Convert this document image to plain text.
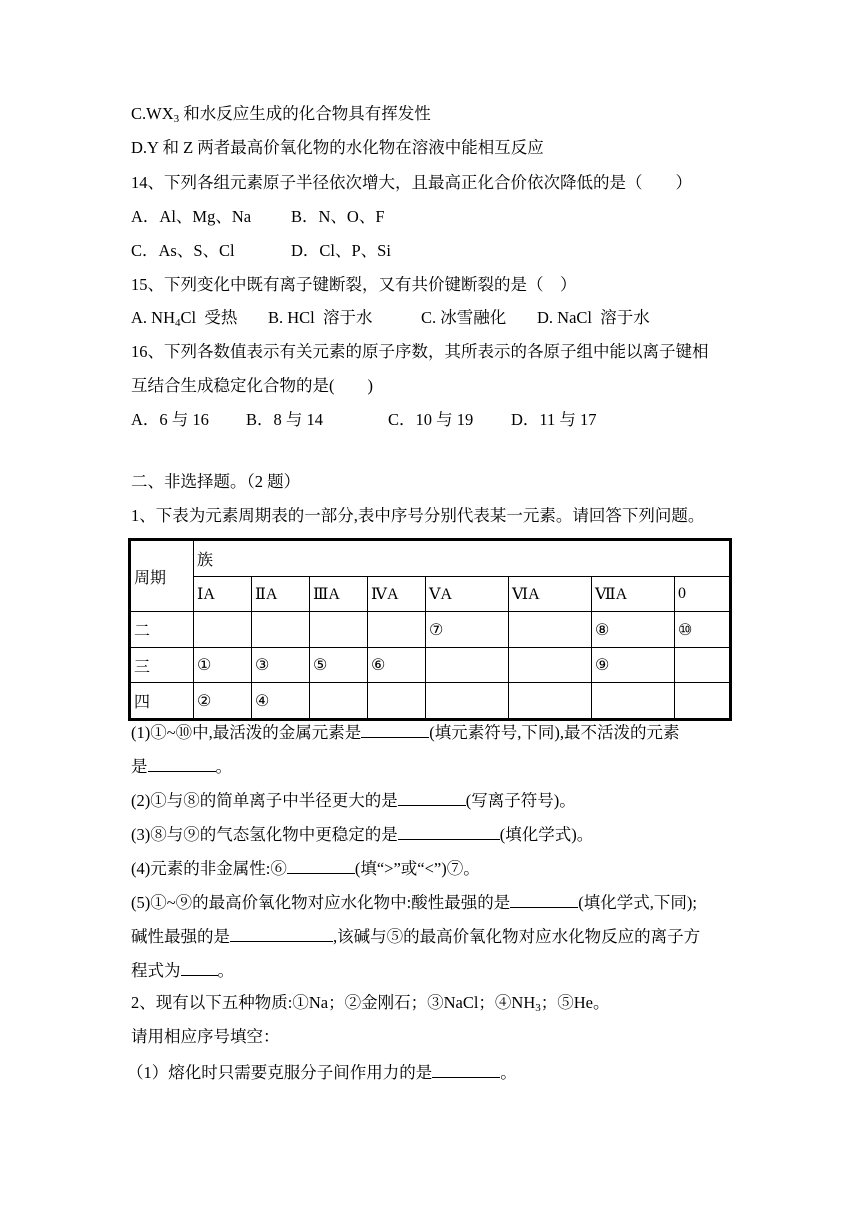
$C.WX_3$ 和水反应生成的化合物具有挥发性
D.Y 和 Z 两者最高价氧化物的水化物在溶液中能相互反应
14、下列各组元素原子半径依次增大，且最高正化合价依次降低的是（　　）
A．Al、Mg、Na B．N、O、F
C．As、S、Cl	D．Cl、P、Si
15、下列变化中既有离子键断裂，又有共价键断裂的是（　）
A. $NH_4Cl$  受热 B. HCl  溶于水	C. 冰雪融化 D. NaCl  溶于水
16、下列各数值表示有关元素的原子序数，其所表示的各原子组中能以离子键相
互结合生成稳定化合物的是(　　)
A．6 与 16 B．8 与 14	C．10 与 19 D．11 与 17
二、非选择题。（2 题）
1、下表为元素周期表的一部分,表中序号分别代表某一元素。请回答下列问题。
周期	族							
	ⅠA	ⅡA	ⅢA	ⅣA	ⅤA	ⅥA	ⅦA	0
二					⑦		⑧	⑩
三	①	③	⑤	⑥			⑨	
四	②	④						
(1)①~⑩中,最活泼的金属元素是	(填元素符号,下同),最不活泼的元素
是	。
(2)①与⑧的简单离子中半径更大的是	(写离子符号)。
(3)⑧与⑨的气态氢化物中更稳定的是	(填化学式)。
(4)元素的非金属性:⑥	(填“>”或“<”)⑦。
(5)①~⑨的最高价氧化物对应水化物中:酸性最强的是	(填化学式,下同);
碱性最强的是	,该碱与⑤的最高价氧化物对应水化物反应的离子方
程式为 。
2、现有以下五种物质:①Na；②金刚石；③NaCl；$④NH_3$；⑤He。
请用相应序号填空：
（1）熔化时只需要克服分子间作用力的是	。
